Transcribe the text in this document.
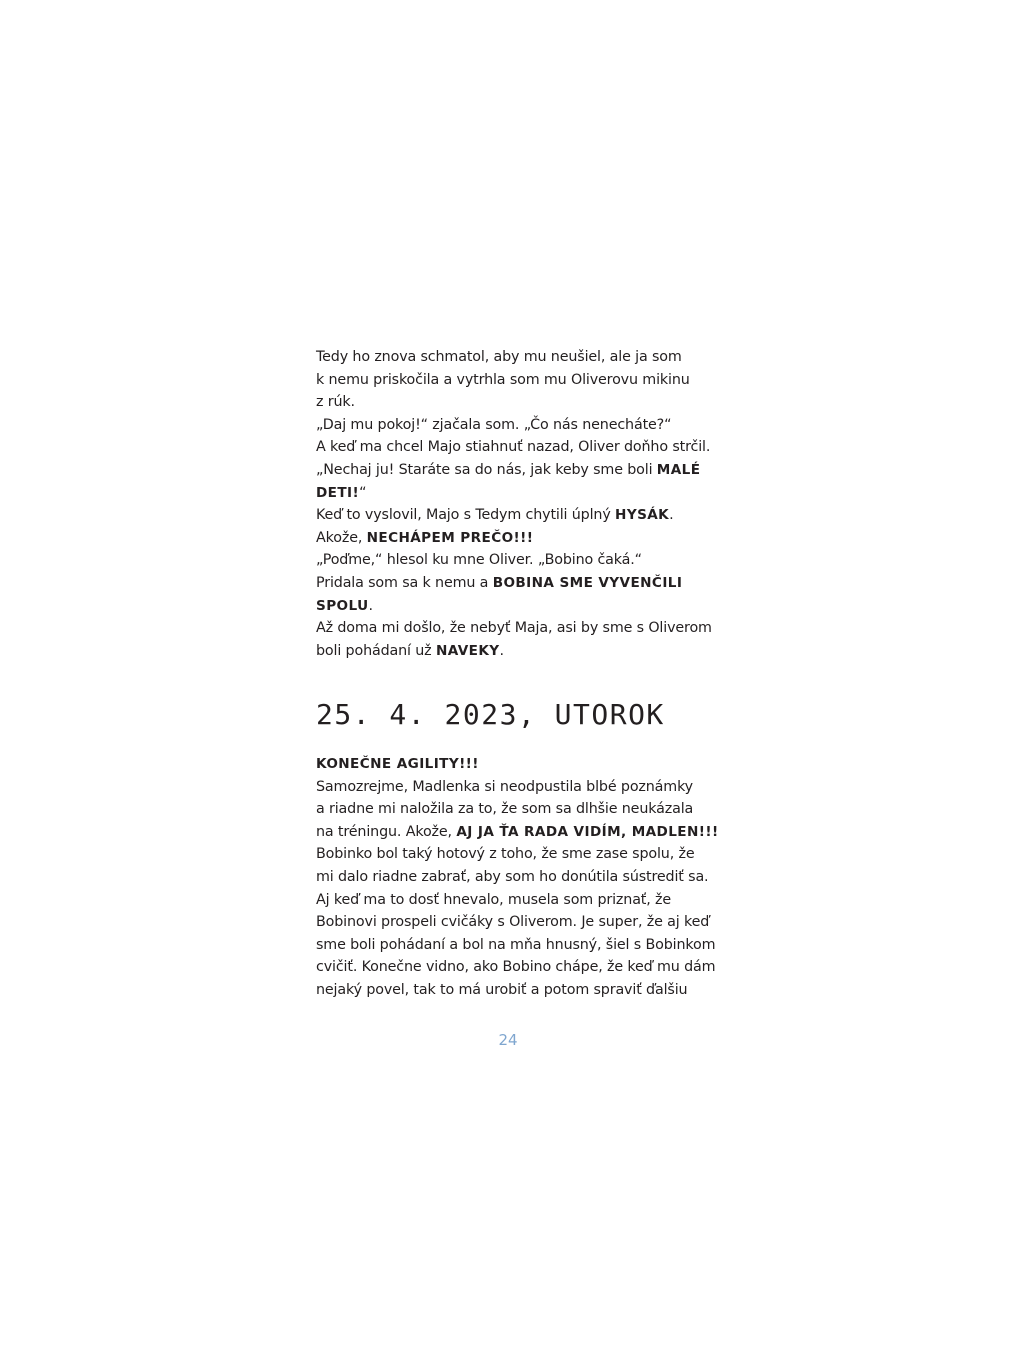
Tedy ho znova schmatol, aby mu neušiel, ale ja som
k nemu priskočila a vytrhla som mu Oliverovu mikinu
z rúk.
„Daj mu pokoj!“ zjačala som. „Čo nás nenecháte?“
A keď ma chcel Majo stiahnuť nazad, Oliver doňho strčil.
„Nechaj ju! Staráte sa do nás, jak keby sme boli MALÉ
DETI!“
Keď to vyslovil, Majo s Tedym chytili úplný HYSÁK.
Akože, NECHÁPEM PREČO!!!
„Poďme,“ hlesol ku mne Oliver. „Bobino čaká.“
Pridala som sa k nemu a BOBINA SME VYVENČILI
SPOLU.
Až doma mi došlo, že nebyť Maja, asi by sme s Oliverom
boli pohádaní už NAVEKY.
25. 4. 2023, UTOROK
KONEČNE AGILITY!!!
Samozrejme, Madlenka si neodpustila blbé poznámky
a riadne mi naložila za to, že som sa dlhšie neukázala
na tréningu. Akože, AJ JA ŤA RADA VIDÍM, MADLEN!!!
Bobinko bol taký hotový z toho, že sme zase spolu, že
mi dalo riadne zabrať, aby som ho donútila sústrediť sa.
Aj keď ma to dosť hnevalo, musela som priznať, že
Bobinovi prospeli cvičáky s Oliverom. Je super, že aj keď
sme boli pohádaní a bol na mňa hnusný, šiel s Bobinkom
cvičiť. Konečne vidno, ako Bobino chápe, že keď mu dám
nejaký povel, tak to má urobiť a potom spraviť ďalšiu
24
